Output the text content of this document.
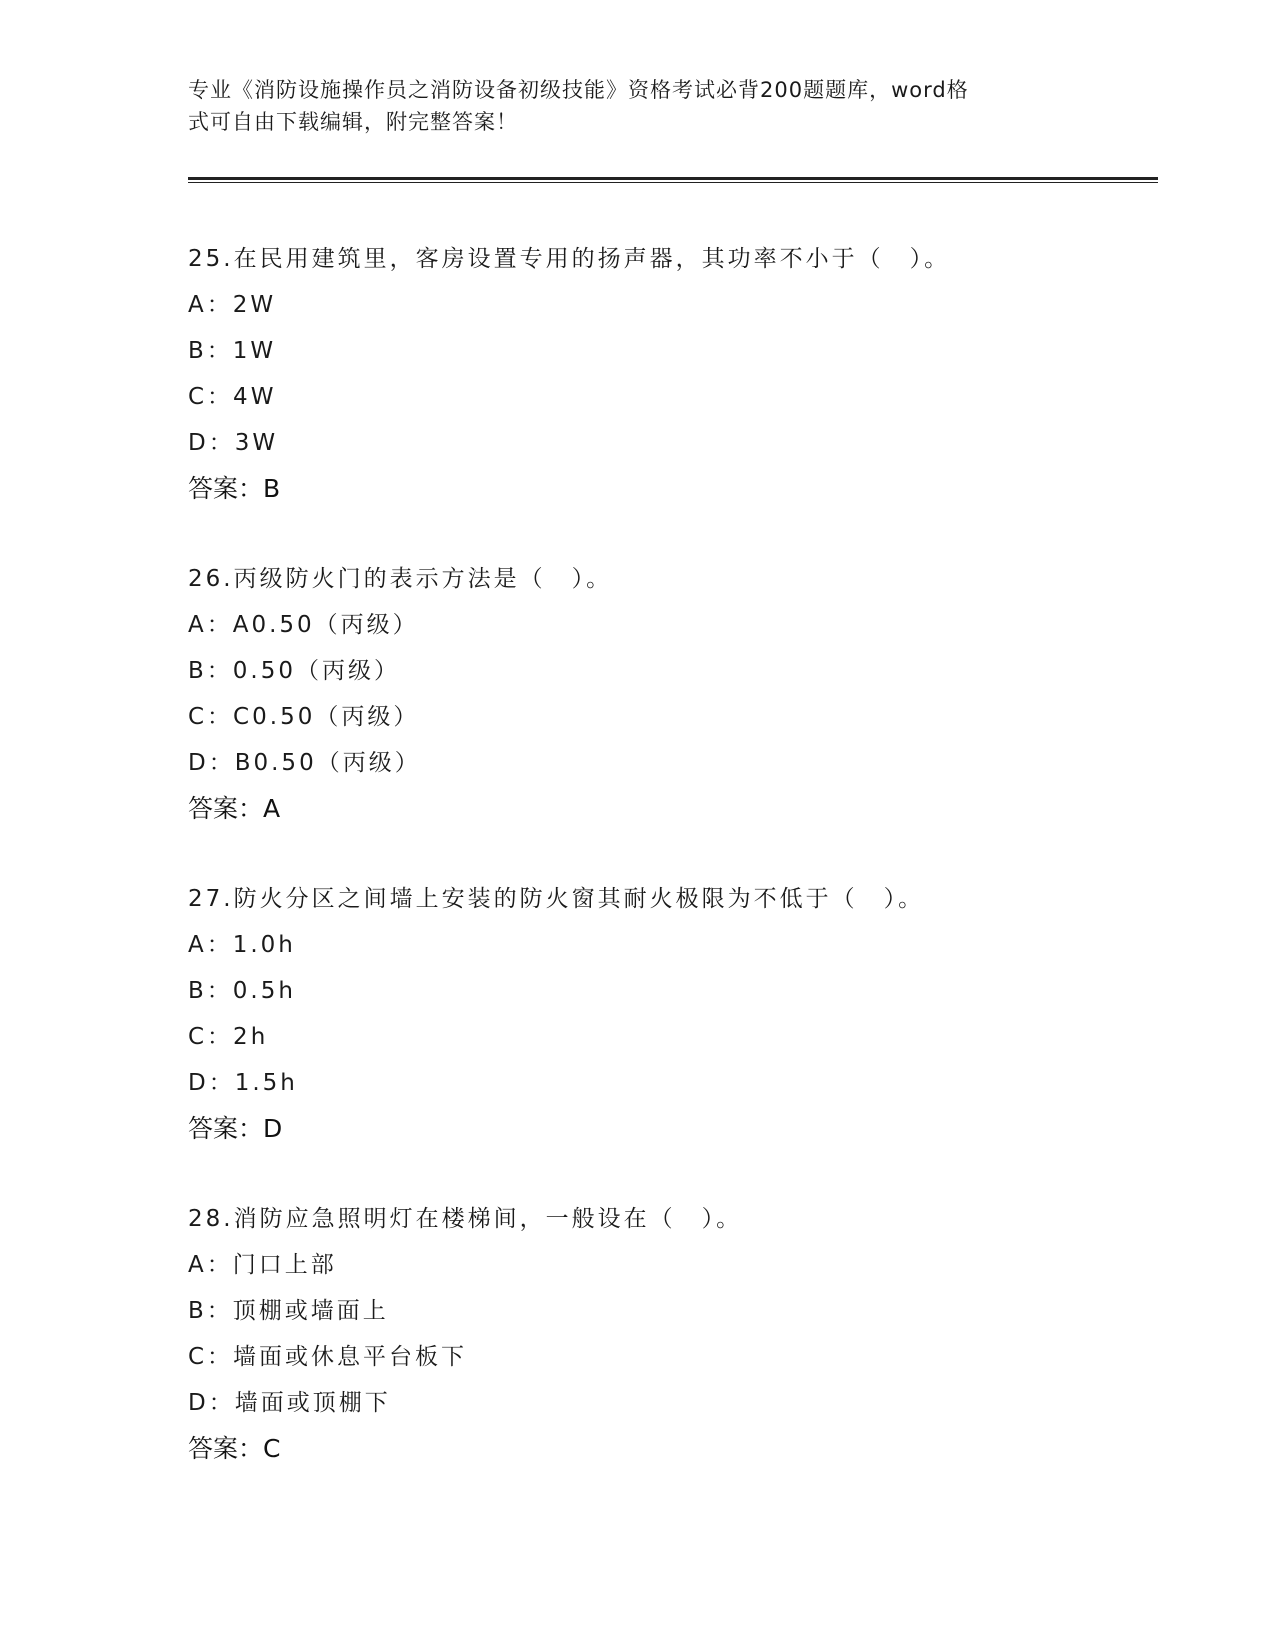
专业《消防设施操作员之消防设备初级技能》资格考试必背200题题库，word格
式可自由下载编辑，附完整答案！
25.在民用建筑里，客房设置专用的扬声器，其功率不小于（　）。
A：2W
B：1W
C：4W
D：3W
答案：B
26.丙级防火门的表示方法是（　）。
A：A0.50（丙级）
B：0.50（丙级）
C：C0.50（丙级）
D：B0.50（丙级）
答案：A
27.防火分区之间墙上安装的防火窗其耐火极限为不低于（　）。
A：1.0h
B：0.5h
C：2h
D：1.5h
答案：D
28.消防应急照明灯在楼梯间，一般设在（　）。
A：门口上部
B：顶棚或墙面上
C：墙面或休息平台板下
D：墙面或顶棚下
答案：C
